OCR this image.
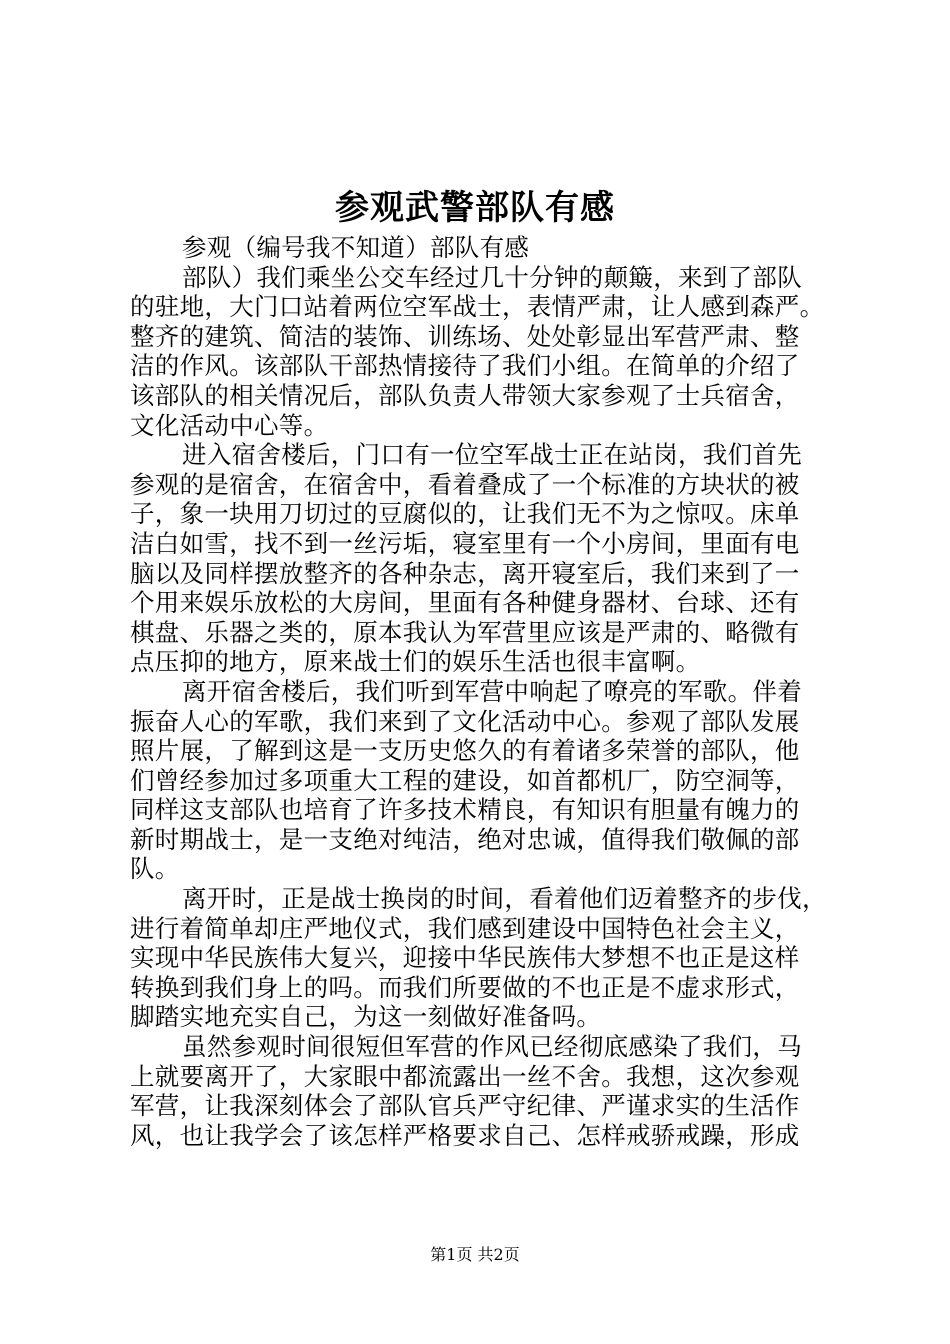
参观武警部队有感
参观（编号我不知道）部队有感
部队）我们乘坐公交车经过几十分钟的颠簸，来到了部队
的驻地，大门口站着两位空军战士，表情严肃，让人感到森严。
整齐的建筑、简洁的装饰、训练场、处处彰显出军营严肃、整
洁的作风。该部队干部热情接待了我们小组。在简单的介绍了
该部队的相关情况后，部队负责人带领大家参观了士兵宿舍，
文化活动中心等。
进入宿舍楼后，门口有一位空军战士正在站岗，我们首先
参观的是宿舍，在宿舍中，看着叠成了一个标准的方块状的被
子，象一块用刀切过的豆腐似的，让我们无不为之惊叹。床单
洁白如雪，找不到一丝污垢，寝室里有一个小房间，里面有电
脑以及同样摆放整齐的各种杂志，离开寝室后，我们来到了一
个用来娱乐放松的大房间，里面有各种健身器材、台球、还有
棋盘、乐器之类的，原本我认为军营里应该是严肃的、略微有
点压抑的地方，原来战士们的娱乐生活也很丰富啊。
离开宿舍楼后，我们听到军营中响起了嘹亮的军歌。伴着
振奋人心的军歌，我们来到了文化活动中心。参观了部队发展
照片展，了解到这是一支历史悠久的有着诸多荣誉的部队，他
们曾经参加过多项重大工程的建设，如首都机厂，防空洞等，
同样这支部队也培育了许多技术精良，有知识有胆量有魄力的
新时期战士，是一支绝对纯洁，绝对忠诚，值得我们敬佩的部
队。
离开时，正是战士换岗的时间，看着他们迈着整齐的步伐，
进行着简单却庄严地仪式，我们感到建设中国特色社会主义，
实现中华民族伟大复兴，迎接中华民族伟大梦想不也正是这样
转换到我们身上的吗。而我们所要做的不也正是不虚求形式，
脚踏实地充实自己，为这一刻做好准备吗。
虽然参观时间很短但军营的作风已经彻底感染了我们，马
上就要离开了，大家眼中都流露出一丝不舍。我想，这次参观
军营，让我深刻体会了部队官兵严守纪律、严谨求实的生活作
风，也让我学会了该怎样严格要求自己、怎样戒骄戒躁，形成
第1页 共2页
